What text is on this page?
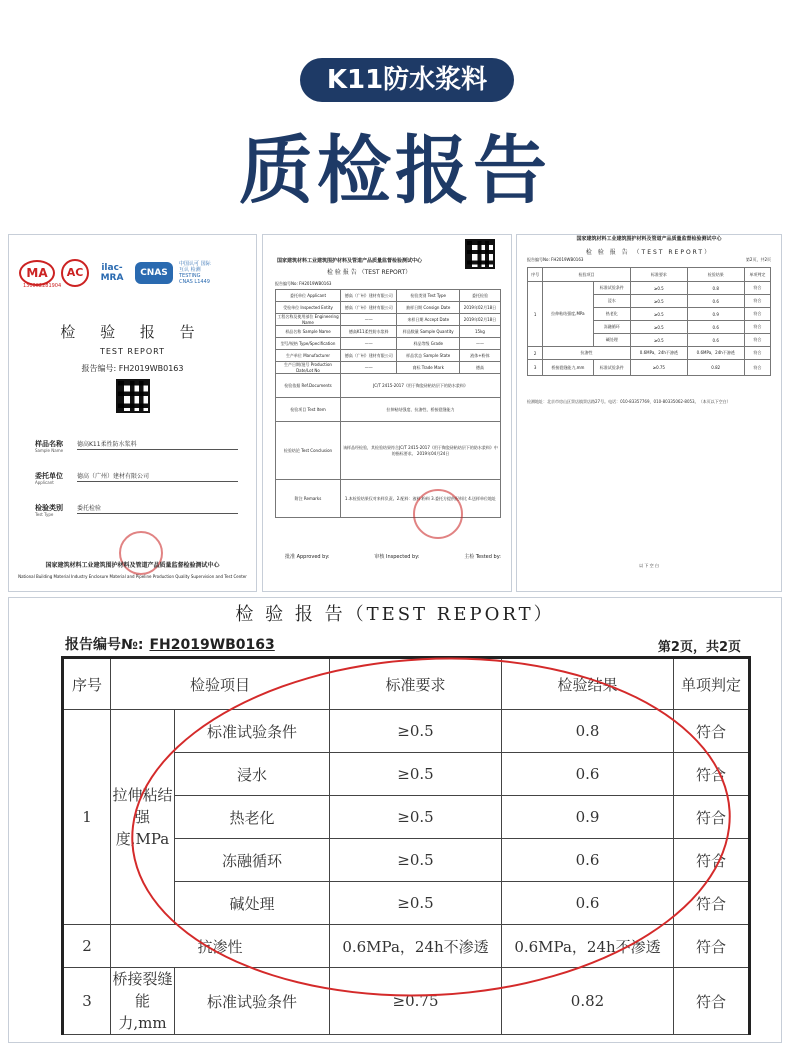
K11防水浆料
质检报告
MA	AC	ilac-MRA	CNAS
中国认可 国际互认 检测 TESTING CNAS L1449
130002281904
检 验 报 告
TEST REPORT
报告编号: FH2019WB0163
样品名称
Sample Name
德高K11柔性防水浆料
委托单位
Applicant
德高（广州）建材有限公司
检验类别
Test Type
委托检验
国家建筑材料工业建筑围护材料及管道产品质量监督检验测试中心
National Building Material Industry Enclosure Material and Pipeline Production Quality Supervision and Test Center
国家建筑材料工业建筑围护材料及管道产品质量监督检验测试中心
检 验 报 告 （TEST REPORT）
报告编号No: FH2019WB0163
委托单位 Applicant	德高（广州）建材有限公司	检验类别 Test Type	委托检验
受检单位 Inspected Entity	德高（广州）建材有限公司	抽样日期 Consign Date	2019年02月18日
工程名称及使用部位 Engineering Name	——	来样日期 Accept Date	2019年02月18日
样品名称 Sample Name	德高K11柔性防水浆料	样品数量 Sample Quantity	15kg
型号/规格 Type/Specification	——	样品等级 Grade	——
生产单位 Manufacturer	德高（广州）建材有限公司	样品状态 Sample State	液体+粉体
生产日期/批号 Production Date/Lot No	——	商标 Trade Mark	德高
检验依据 Ref.Documents	JC/T 2415-2017《用于陶瓷砖粘结层下的防水浆料》		
检验项目 Test Item	拉伸粘结强度、抗渗性、桥接裂缝能力		
检验结论 Test Conclusion	该样品经检验，其检验结果符合JC/T 2415-2017《用于陶瓷砖粘结层下的防水浆料》中的指标要求。 2019年04月24日		
附注 Remarks	1.本检验结果仅对来样负责。2.配料：液料:粉料 3.委托方提供配料比 4.送样单位地址		
批准 Approved by:	审核 Inspected by:	主检 Tested by:
国家建筑材料工业建筑围护材料及管道产品质量监督检验测试中心
检 验 报 告 （TEST REPORT）
报告编号No: FH2019WB0163	第2页，共2页
序号	检验项目		标准要求	检验结果	单项判定
1	拉伸粘结强度,MPa	标准试验条件	≥0.5	0.8	符合
		浸水	≥0.5	0.6	符合
		热老化	≥0.5	0.9	符合
		冻融循环	≥0.5	0.6	符合
		碱处理	≥0.5	0.6	符合
2	抗渗性		0.6MPa，24h不渗透	0.6MPa，24h不渗透	符合
3	桥接裂缝能力,mm	标准试验条件	≥0.75	0.82	符合
检测地址：北京市房山区窦店镇窦店路27号。电话：010-83357769，010-80335062-8053。（本页以下空白）
以 下 空 白
检 验 报 告（TEST REPORT）
报告编号№: FH2019WB0163	第2页，共2页
序号	检验项目		标准要求	检验结果	单项判定
1	拉伸粘结强度,MPa	标准试验条件	≥0.5	0.8	符合
		浸水	≥0.5	0.6	符合
		热老化	≥0.5	0.9	符合
		冻融循环	≥0.5	0.6	符合
		碱处理	≥0.5	0.6	符合
2	抗渗性		0.6MPa，24h不渗透	0.6MPa，24h不渗透	符合
3	桥接裂缝能力,mm	标准试验条件	≥0.75	0.82	符合
